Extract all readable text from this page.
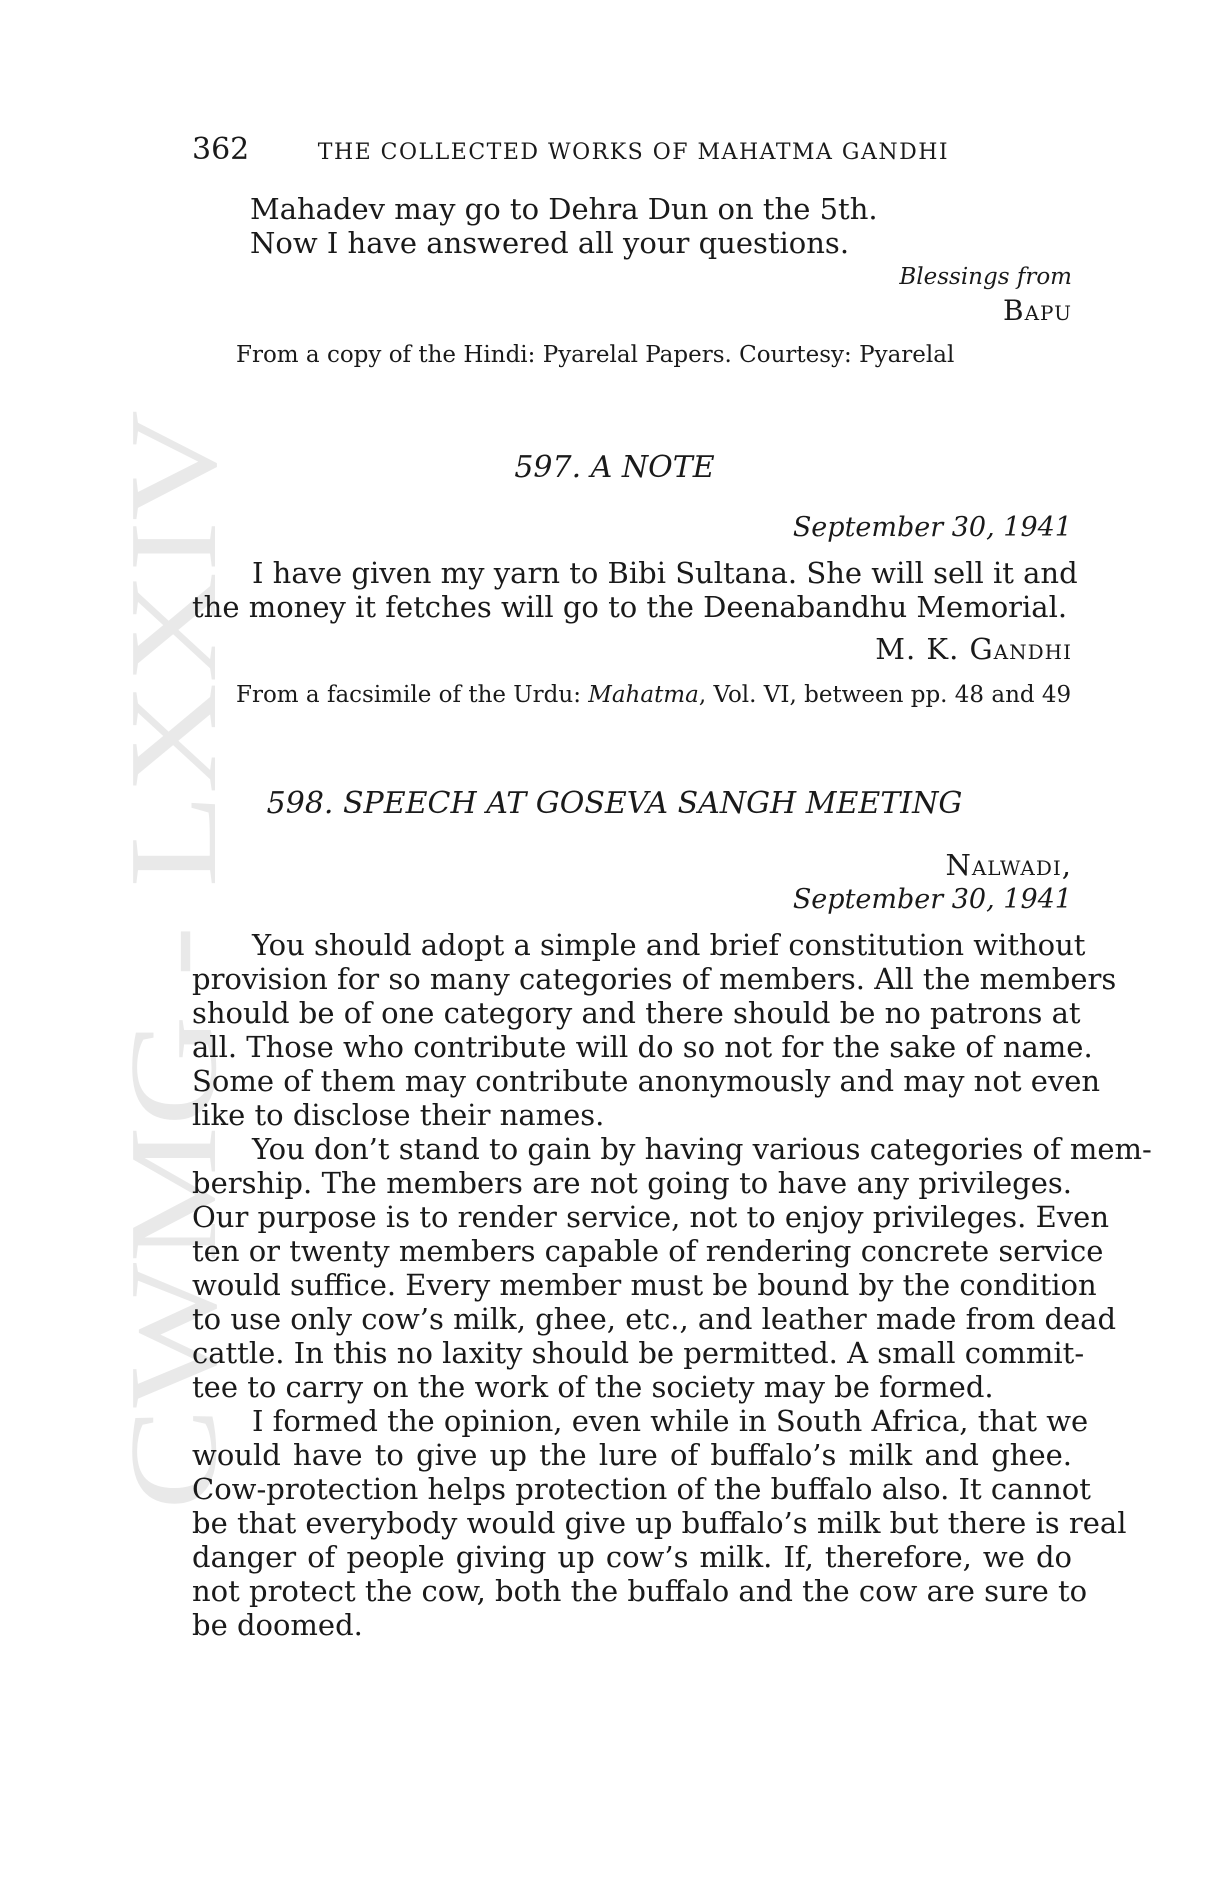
CWMG - LXXIV
362	THE COLLECTED WORKS OF MAHATMA GANDHI
Mahadev may go to Dehra Dun on the 5th.
Now I have answered all your questions.
Blessings from
Bapu
From a copy of the Hindi: Pyarelal Papers. Courtesy: Pyarelal
597. A NOTE
September 30, 1941
I have given my yarn to Bibi Sultana. She will sell it and
the money it fetches will go to the Deenabandhu Memorial.
M. K. Gandhi
From a facsimile of the Urdu: Mahatma, Vol. VI, between pp. 48 and 49
598. SPEECH AT GOSEVA SANGH MEETING
Nalwadi,
September 30, 1941
You should adopt a simple and brief constitution without
provision for so many categories of members. All the members
should be of one category and there should be no patrons at
all. Those who contribute will do so not for the sake of name.
Some of them may contribute anonymously and may not even
like to disclose their names.
You don’t stand to gain by having various categories of mem-
bership. The members are not going to have any privileges.
Our purpose is to render service, not to enjoy privileges. Even
ten or twenty members capable of rendering concrete service
would suffice. Every member must be bound by the condition
to use only cow’s milk, ghee, etc., and leather made from dead
cattle. In this no laxity should be permitted. A small commit-
tee to carry on the work of the society may be formed.
I formed the opinion, even while in South Africa, that we
would have to give up the lure of buffalo’s milk and ghee.
Cow-protection helps protection of the buffalo also. It cannot
be that everybody would give up buffalo’s milk but there is real
danger of people giving up cow’s milk. If, therefore, we do
not protect the cow, both the buffalo and the cow are sure to
be doomed.
